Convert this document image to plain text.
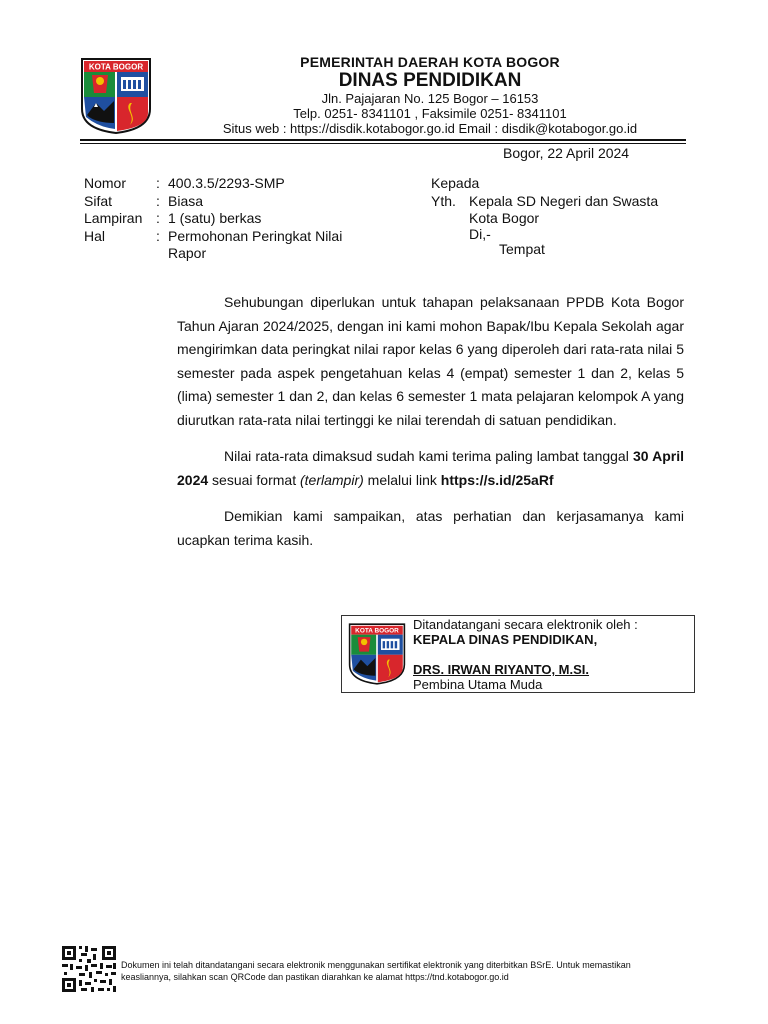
KOTA BOGOR	PEMERINTAH DAERAH KOTA BOGOR
DINAS PENDIDIKAN
Jln. Pajajaran No. 125 Bogor – 16153
Telp. 0251- 8341101 , Faksimile 0251- 8341101
Situs web : https://disdik.kotabogor.go.id Email : disdik@kotabogor.go.id
Bogor, 22 April 2024
Nomor	: 400.3.5/2293-SMP
Sifat	: Biasa
Lampiran : 1 (satu) berkas
Hal	: Permohonan Peringkat Nilai Rapor
Kepada
Yth. Kepala SD Negeri dan Swasta
Kota Bogor
Di,-
Tempat

Sehubungan diperlukan untuk tahapan pelaksanaan PPDB Kota Bogor Tahun Ajaran 2024/2025, dengan ini kami mohon Bapak/Ibu Kepala Sekolah agar mengirimkan data peringkat nilai rapor kelas 6 yang diperoleh dari rata-rata nilai 5 semester pada aspek pengetahuan kelas 4 (empat) semester 1 dan 2, kelas 5 (lima) semester 1 dan 2, dan kelas 6 semester 1 mata pelajaran kelompok A yang diurutkan rata-rata nilai tertinggi ke nilai terendah di satuan pendidikan.

Nilai rata-rata dimaksud sudah kami terima paling lambat tanggal 30 April 2024 sesuai format (terlampir) melalui link https://s.id/25aRf

Demikian kami sampaikan, atas perhatian dan kerjasamanya kami ucapkan terima kasih.

KOTA BOGOR Ditandatangani secara elektronik oleh :
KEPALA DINAS PENDIDIKAN,
DRS. IRWAN RIYANTO, M.SI.
Pembina Utama Muda
Dokumen ini telah ditandatangani secara elektronik menggunakan sertifikat elektronik yang diterbitkan BSrE. Untuk memastikan
keasliannya, silahkan scan QRCode dan pastikan diarahkan ke alamat https://tnd.kotabogor.go.id
